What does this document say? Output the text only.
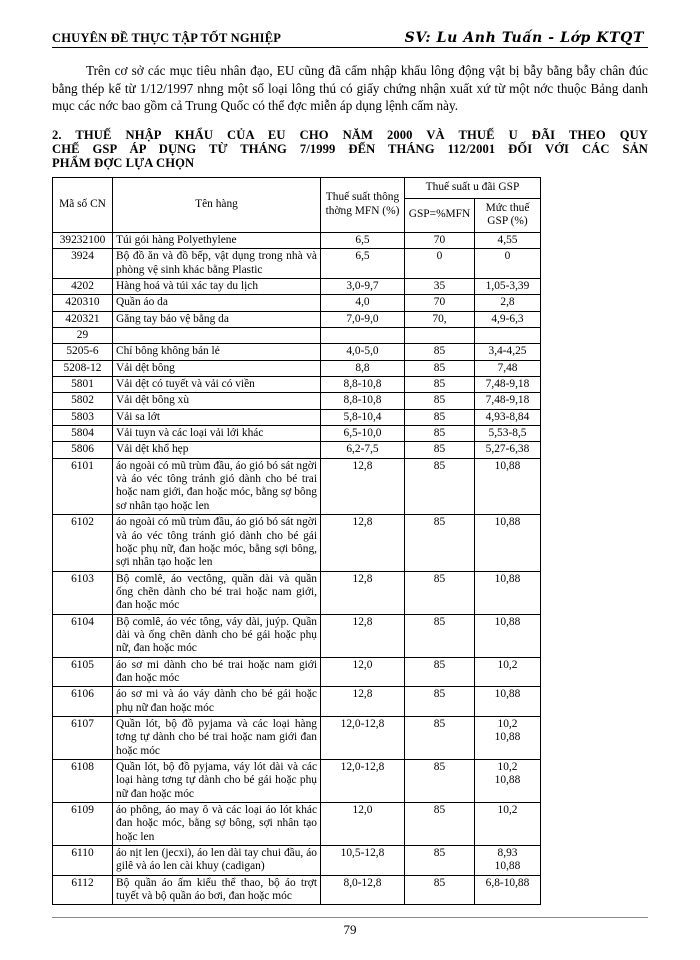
CHUYÊN ĐỀ THỰC TẬP TỐT NGHIỆP	SV: Lu Anh Tuấn - Lớp KTQT

Trên cơ sở các mục tiêu nhân đạo, EU cũng đã cấm nhập khẩu lông động vật bị bẫy bằng bẫy chân đúc bằng thép kể từ 1/12/1997 nhng một số loại lông thú có giấy chứng nhận xuất xứ từ một nớc thuộc Bảng danh mục các nớc bao gồm cả Trung Quốc có thể đợc miễn áp dụng lệnh cấm này.

2. THUẾ NHẬP KHẨU CỦA EU CHO NĂM 2000 VÀ THUẾ U ĐÃI THEO QUY
CHẾ GSP ÁP DỤNG TỪ THÁNG 7/1999 ĐẾN THÁNG 112/2001 ĐỐI VỚI CÁC SẢN
PHẨM ĐỢC LỰA CHỌN
Mã số CN	Tên hàng	Thuế suất thông thờng MFN (%)	Thuế suất u đãi GSP	
			GSP=%MFN	Mức thuế GSP (%)
39232100	Túi gói hàng Polyethylene	6,5	70	4,55
3924	Bộ đồ ăn và đồ bếp, vật dụng trong nhà và phòng vệ sinh khác bằng Plastic	6,5	0	0
4202	Hàng hoá và túi xác tay du lịch	3,0-9,7	35	1,05-3,39
420310	Quần áo da	4,0	70	2,8
420321	Găng tay bảo vệ bằng da	7,0-9,0	70,	4,9-6,3
29				
5205-6	Chỉ bông không bán lẻ	4,0-5,0	85	3,4-4,25
5208-12	Vải dệt bông	8,8	85	7,48
5801	Vải dệt có tuyết và vải có viền	8,8-10,8	85	7,48-9,18
5802	Vải dệt bông xù	8,8-10,8	85	7,48-9,18
5803	Vải sa lớt	5,8-10,4	85	4,93-8,84
5804	Vải tuyn và các loại vải lới khác	6,5-10,0	85	5,53-8,5
5806	Vải dệt khổ hẹp	6,2-7,5	85	5,27-6,38
6101	áo ngoài có mũ trùm đầu, áo gió bó sát ngời và áo véc tông tránh gió dành cho bé trai hoặc nam giới, đan hoặc móc, bằng sợ bông sơ nhân tạo hoặc len	12,8	85	10,88
6102	áo ngoài có mũ trùm đầu, áo gió bó sát ngời và áo véc tông tránh gió dành cho bé gái hoặc phụ nữ, đan hoặc móc, bằng sợi bông, sợi nhân tạo hoặc len	12,8	85	10,88
6103	Bộ comlê, áo vectông, quần dài và quần ống chẽn dành cho bé trai hoặc nam giới, đan hoặc móc	12,8	85	10,88
6104	Bộ comlê, áo véc tông, váy dài, juýp. Quần dài và ống chẽn dành cho bé gái hoặc phụ nữ, đan hoặc móc	12,8	85	10,88
6105	áo sơ mi dành cho bé trai hoặc nam giới đan hoặc móc	12,0	85	10,2
6106	áo sơ mi và áo váy dành cho bé gái hoặc phụ nữ đan hoặc móc	12,8	85	10,88
6107	Quần lót, bộ đồ pyjama và các loại hàng tơng tự dành cho bé trai hoặc nam giới đan hoặc móc	12,0-12,8	85	10,2
10,88

6108	Quần lót, bộ đồ pyjama, váy lót dài và các loại hàng tơng tự dành cho bé gái hoặc phụ nữ đan hoặc móc	12,0-12,8	85	10,2
10,88

6109	áo phông, áo may ô và các loại áo lót khác đan hoặc móc, bằng sợ bông, sợi nhân tạo hoặc len	12,0	85	10,2
6110	áo nịt len (jecxi), áo len dài tay chui đầu, áo gilê và áo len cài khuy (cadigan)	10,5-12,8	85	8,93
10,88

6112	Bộ quần áo ấm kiểu thể thao, bộ áo trợt tuyết và bộ quần áo bơi, đan hoặc móc	8,0-12,8	85	6,8-10,88
79
